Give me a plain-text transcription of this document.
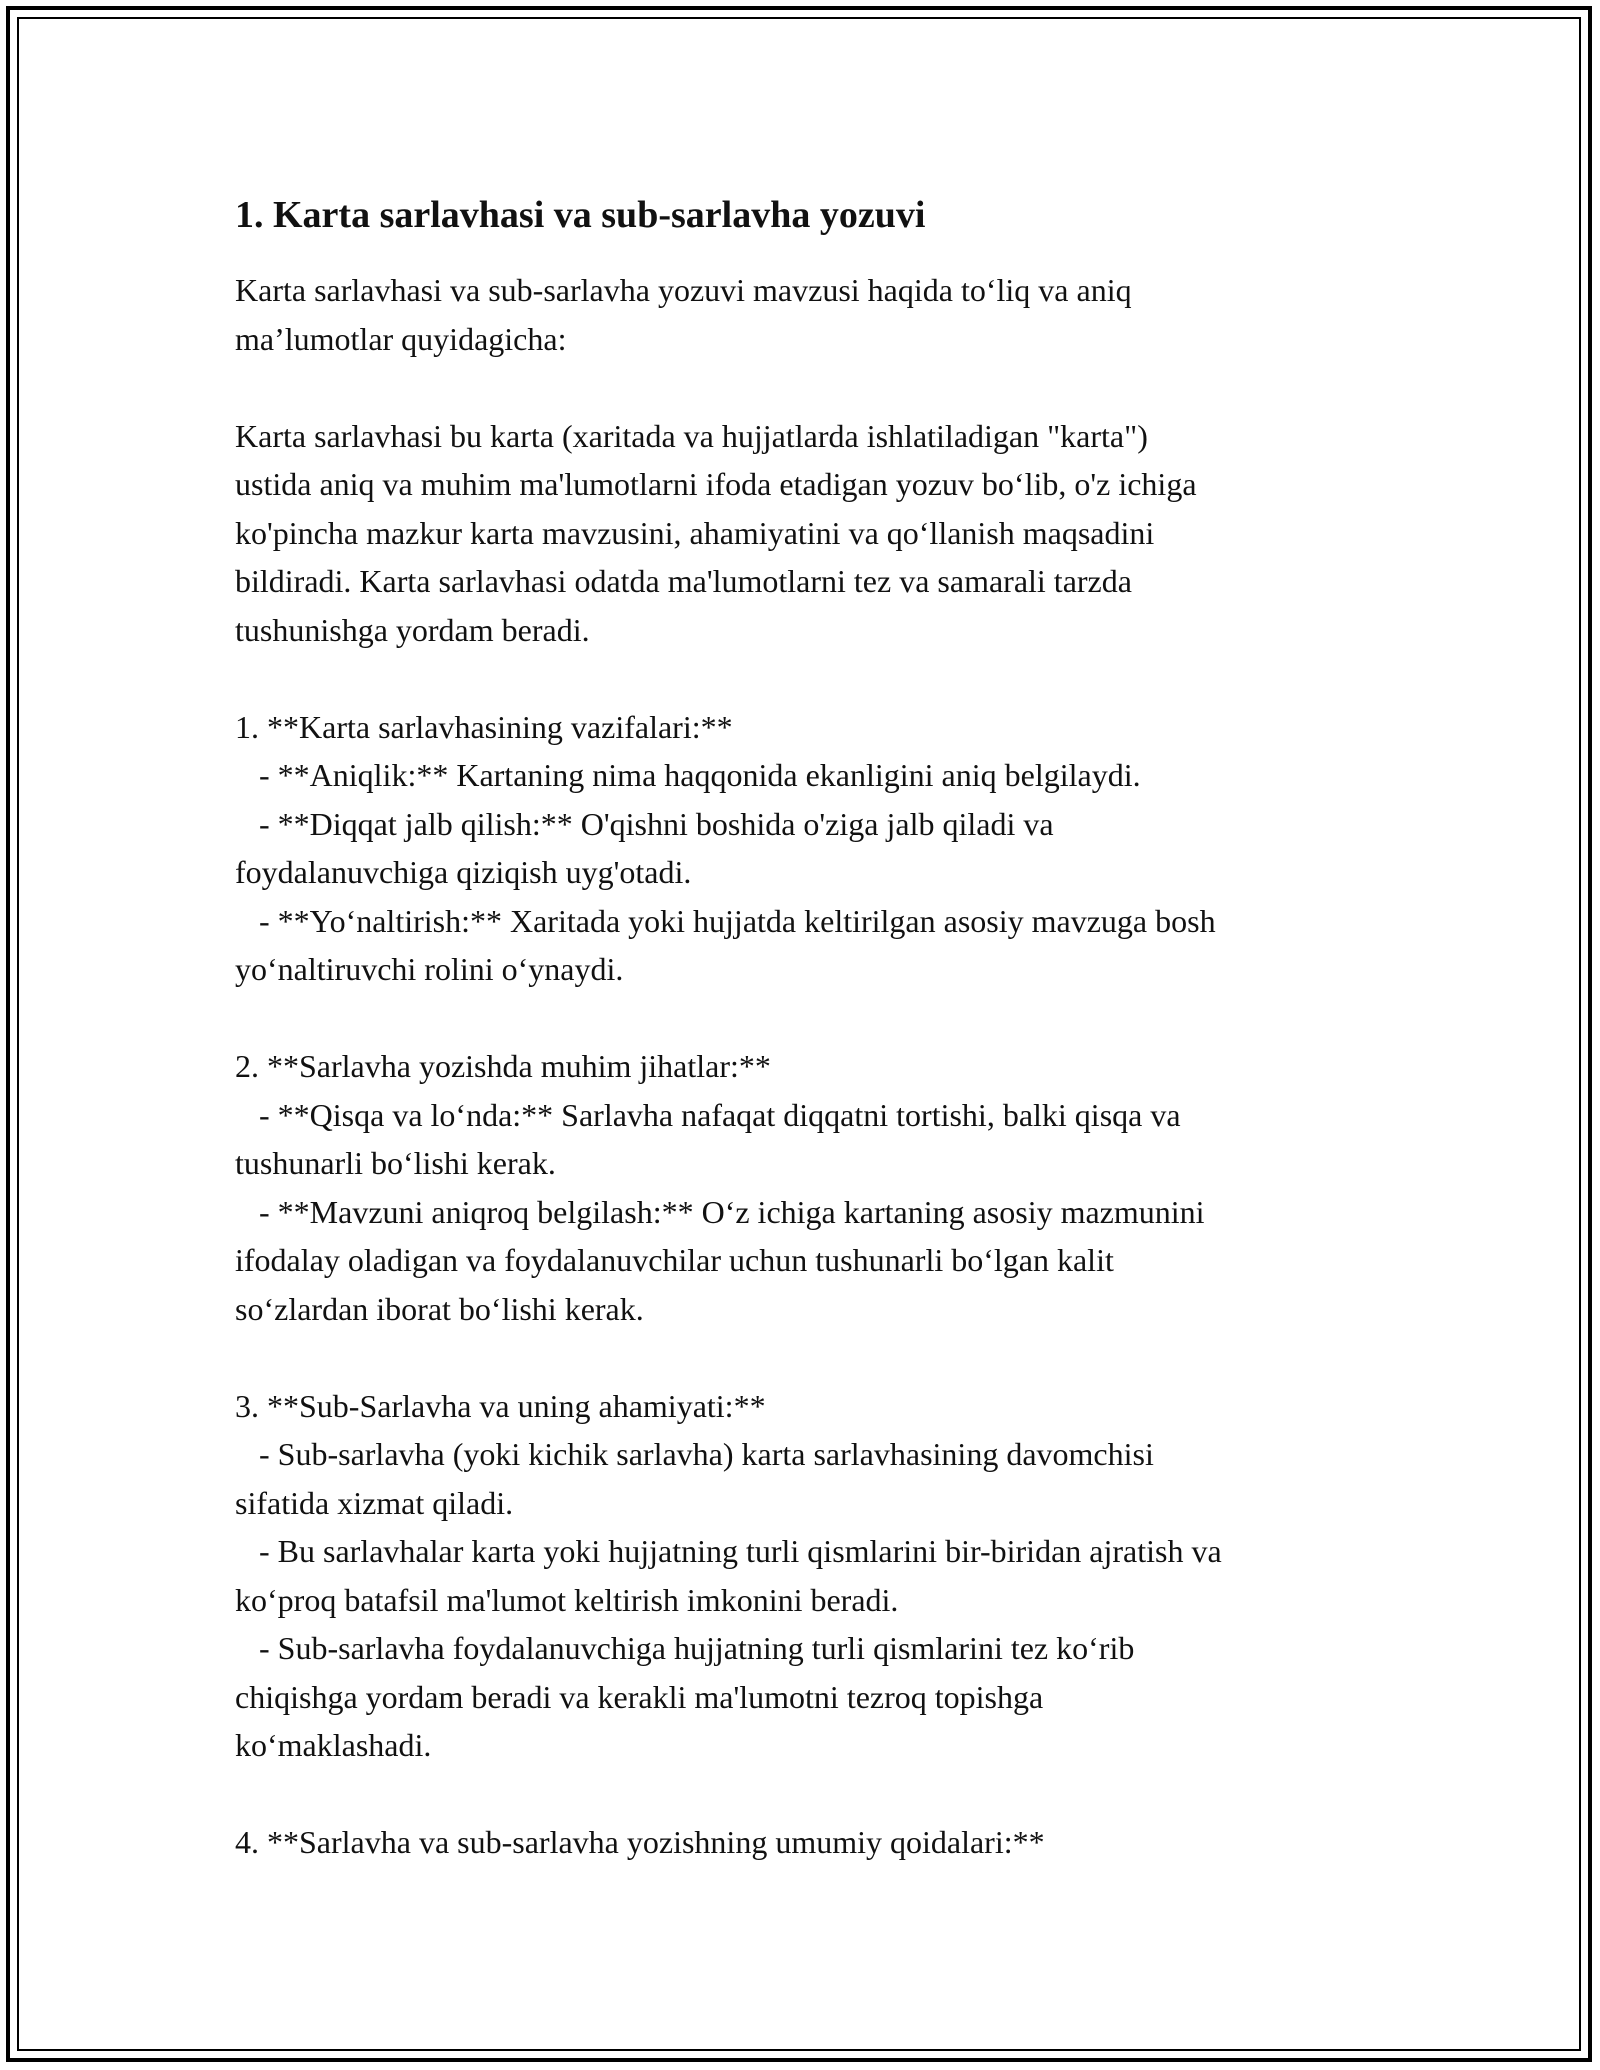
1. Karta sarlavhasi va sub-sarlavha yozuvi

Karta sarlavhasi va sub-sarlavha yozuvi mavzusi haqida to‘liq va aniq

ma’lumotlar quyidagicha:

Karta sarlavhasi bu karta (xaritada va hujjatlarda ishlatiladigan "karta")

ustida aniq va muhim ma'lumotlarni ifoda etadigan yozuv bo‘lib, o'z ichiga

ko'pincha mazkur karta mavzusini, ahamiyatini va qo‘llanish maqsadini

bildiradi. Karta sarlavhasi odatda ma'lumotlarni tez va samarali tarzda

tushunishga yordam beradi.

1. **Karta sarlavhasining vazifalari:**

- **Aniqlik:** Kartaning nima haqqonida ekanligini aniq belgilaydi.

- **Diqqat jalb qilish:** O'qishni boshida o'ziga jalb qiladi va

foydalanuvchiga qiziqish uyg'otadi.

- **Yo‘naltirish:** Xaritada yoki hujjatda keltirilgan asosiy mavzuga bosh

yo‘naltiruvchi rolini o‘ynaydi.

2. **Sarlavha yozishda muhim jihatlar:**

- **Qisqa va lo‘nda:** Sarlavha nafaqat diqqatni tortishi, balki qisqa va

tushunarli bo‘lishi kerak.

- **Mavzuni aniqroq belgilash:** O‘z ichiga kartaning asosiy mazmunini

ifodalay oladigan va foydalanuvchilar uchun tushunarli bo‘lgan kalit

so‘zlardan iborat bo‘lishi kerak.

3. **Sub-Sarlavha va uning ahamiyati:**

- Sub-sarlavha (yoki kichik sarlavha) karta sarlavhasining davomchisi

sifatida xizmat qiladi.

- Bu sarlavhalar karta yoki hujjatning turli qismlarini bir-biridan ajratish va

ko‘proq batafsil ma'lumot keltirish imkonini beradi.

- Sub-sarlavha foydalanuvchiga hujjatning turli qismlarini tez ko‘rib

chiqishga yordam beradi va kerakli ma'lumotni tezroq topishga

ko‘maklashadi.

4. **Sarlavha va sub-sarlavha yozishning umumiy qoidalari:**
